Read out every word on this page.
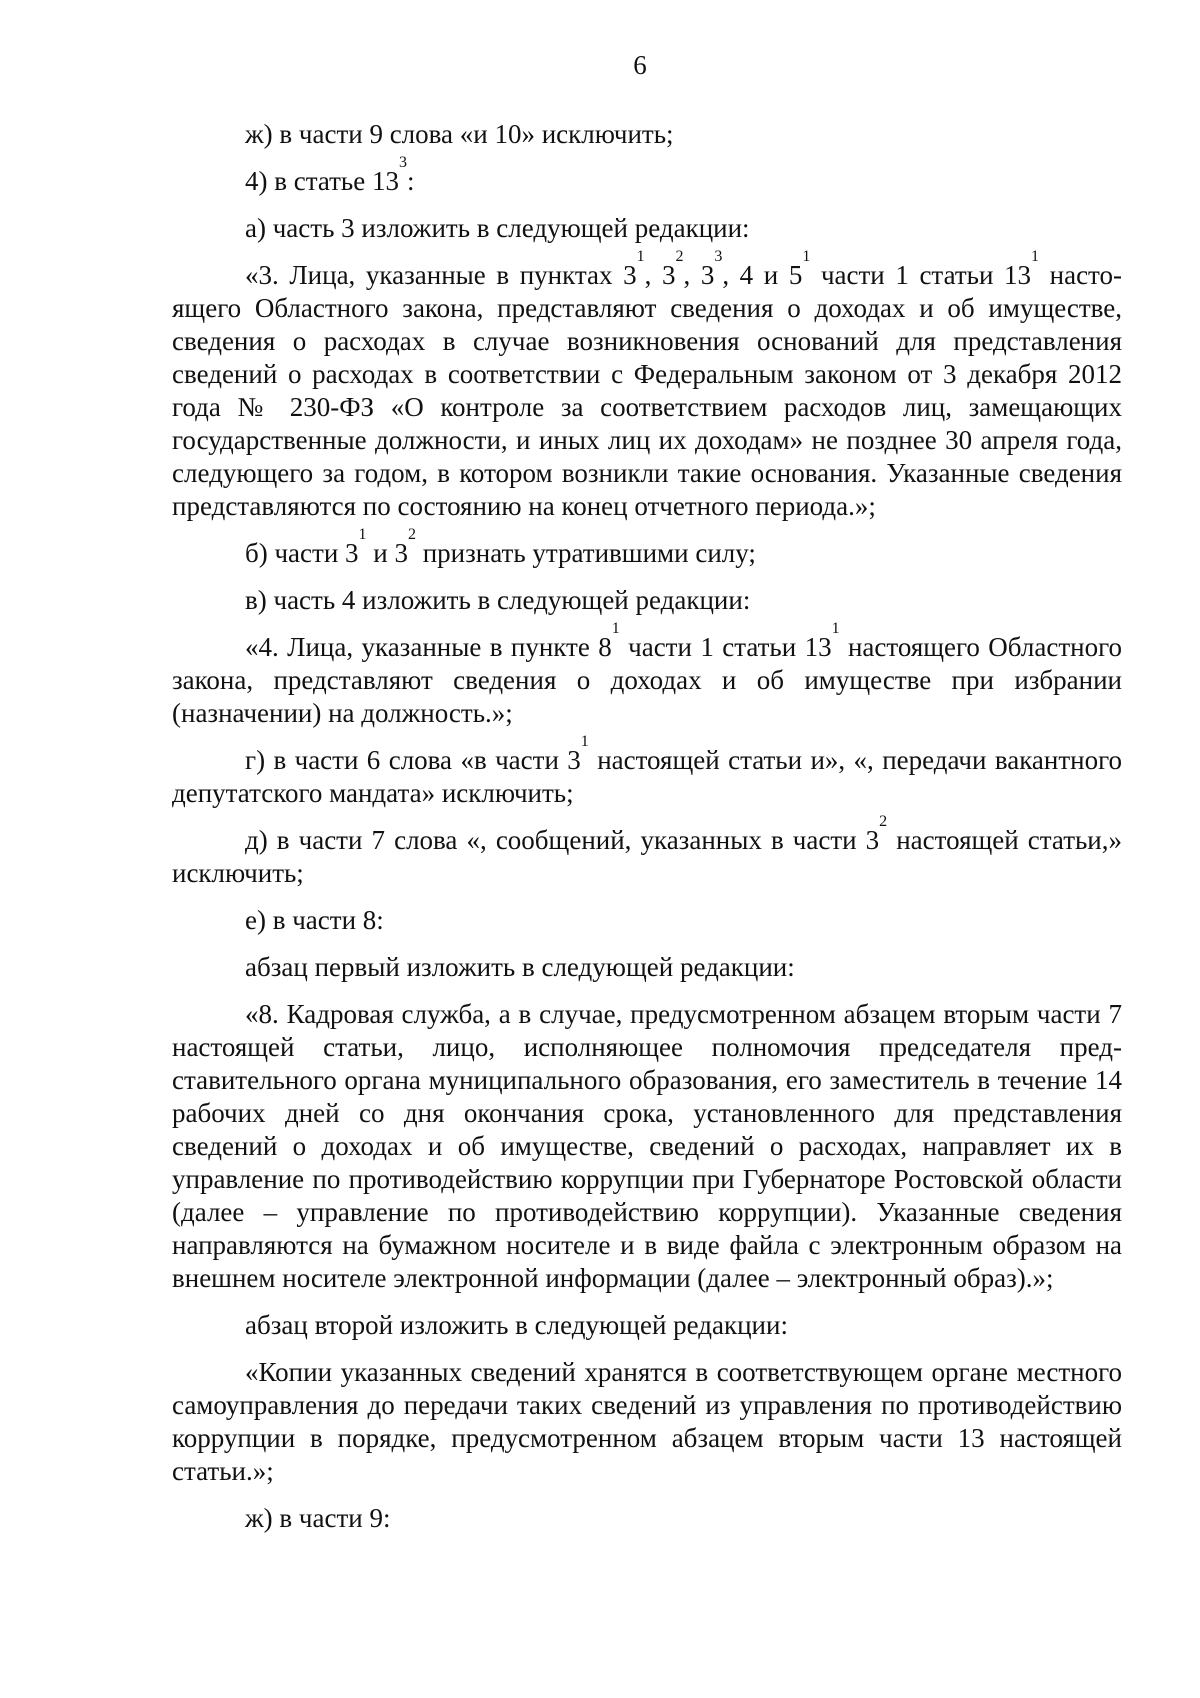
6
ж) в части 9 слова «и 10» исключить;
4) в статье $13^3$:
а) часть 3 изложить в следующей редакции:
«3. Лица, указанные в пунктах $3^1$, $3^2$, $3^3$, 4 и $5^1$ части 1 статьи $13^1$ настоящего Областного закона, представляют сведения о доходах и об имуществе, сведения о расходах в случае возникновения оснований для представления сведений о расходах в соответствии с Федеральным законом от 3 декабря 2012 года № 230-ФЗ «О контроле за соответствием расходов лиц, замещающих государственные должности, и иных лиц их доходам» не позднее 30 апреля года, следующего за годом, в котором возникли такие основания. Указанные сведения представляются по состоянию на конец отчетного периода.»;
б) части $3^1$ и $3^2$ признать утратившими силу;
в) часть 4 изложить в следующей редакции:
«4. Лица, указанные в пункте $8^1$ части 1 статьи $13^1$ настоящего Областного закона, представляют сведения о доходах и об имуществе при избрании (назначении) на должность.»;
г) в части 6 слова «в части $3^1$ настоящей статьи и», «, передачи вакантного депутатского мандата» исключить;
д) в части 7 слова «, сообщений, указанных в части $3^2$ настоящей статьи,» исключить;
е) в части 8:
абзац первый изложить в следующей редакции:
«8. Кадровая служба, а в случае, предусмотренном абзацем вторым части 7 настоящей статьи, лицо, исполняющее полномочия председателя представительного органа муниципального образования, его заместитель в течение 14 рабочих дней со дня окончания срока, установленного для представления сведений о доходах и об имуществе, сведений о расходах, направляет их в управление по противодействию коррупции при Губернаторе Ростовской области (далее – управление по противодействию коррупции). Указанные сведения направляются на бумажном носителе и в виде файла с электронным образом на внешнем носителе электронной информации (далее – электронный образ).»;
абзац второй изложить в следующей редакции:
«Копии указанных сведений хранятся в соответствующем органе местного самоуправления до передачи таких сведений из управления по противодействию коррупции в порядке, предусмотренном абзацем вторым части 13 настоящей статьи.»;
ж) в части 9:
